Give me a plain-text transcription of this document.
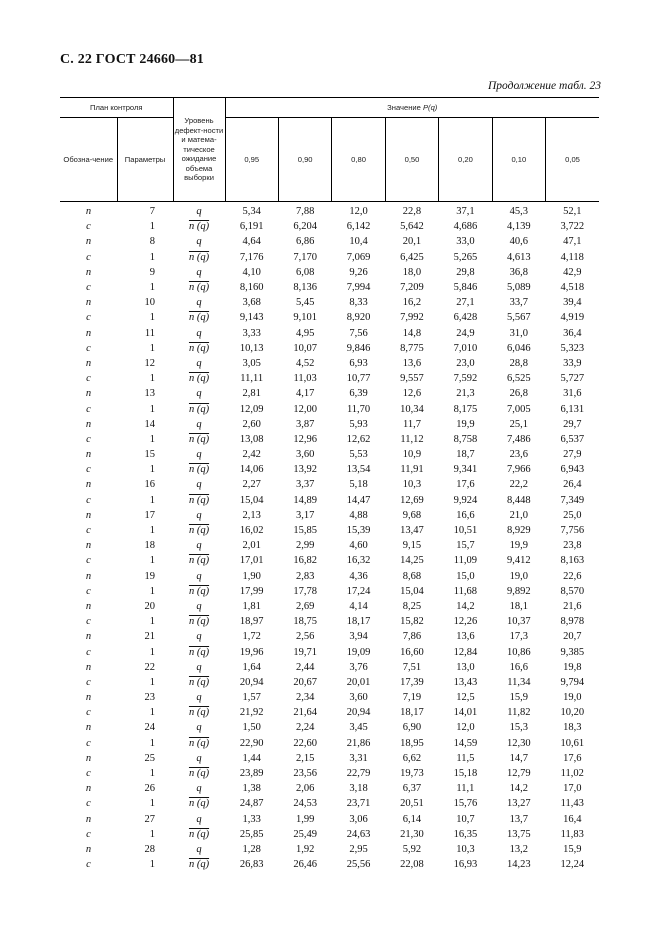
С. 22 ГОСТ 24660—81
Продолжение табл. 23
План контроля		Уровень дефект-ности и матема-тическое ожидание объема выборки	Значение P(q)						
Обозна-чение	Параметры		0,95	0,90	0,80	0,50	0,20	0,10	0,05
n	7	q	5,34	7,88	12,0	22,8	37,1	45,3	52,1
c	1	n (q)	6,191	6,204	6,142	5,642	4,686	4,139	3,722
n	8	q	4,64	6,86	10,4	20,1	33,0	40,6	47,1
c	1	n (q)	7,176	7,170	7,069	6,425	5,265	4,613	4,118
n	9	q	4,10	6,08	9,26	18,0	29,8	36,8	42,9
c	1	n (q)	8,160	8,136	7,994	7,209	5,846	5,089	4,518
n	10	q	3,68	5,45	8,33	16,2	27,1	33,7	39,4
c	1	n (q)	9,143	9,101	8,920	7,992	6,428	5,567	4,919
n	11	q	3,33	4,95	7,56	14,8	24,9	31,0	36,4
c	1	n (q)	10,13	10,07	9,846	8,775	7,010	6,046	5,323
n	12	q	3,05	4,52	6,93	13,6	23,0	28,8	33,9
c	1	n (q)	11,11	11,03	10,77	9,557	7,592	6,525	5,727
n	13	q	2,81	4,17	6,39	12,6	21,3	26,8	31,6
c	1	n (q)	12,09	12,00	11,70	10,34	8,175	7,005	6,131
n	14	q	2,60	3,87	5,93	11,7	19,9	25,1	29,7
c	1	n (q)	13,08	12,96	12,62	11,12	8,758	7,486	6,537
n	15	q	2,42	3,60	5,53	10,9	18,7	23,6	27,9
c	1	n (q)	14,06	13,92	13,54	11,91	9,341	7,966	6,943
n	16	q	2,27	3,37	5,18	10,3	17,6	22,2	26,4
c	1	n (q)	15,04	14,89	14,47	12,69	9,924	8,448	7,349
n	17	q	2,13	3,17	4,88	9,68	16,6	21,0	25,0
c	1	n (q)	16,02	15,85	15,39	13,47	10,51	8,929	7,756
n	18	q	2,01	2,99	4,60	9,15	15,7	19,9	23,8
c	1	n (q)	17,01	16,82	16,32	14,25	11,09	9,412	8,163
n	19	q	1,90	2,83	4,36	8,68	15,0	19,0	22,6
c	1	n (q)	17,99	17,78	17,24	15,04	11,68	9,892	8,570
n	20	q	1,81	2,69	4,14	8,25	14,2	18,1	21,6
c	1	n (q)	18,97	18,75	18,17	15,82	12,26	10,37	8,978
n	21	q	1,72	2,56	3,94	7,86	13,6	17,3	20,7
c	1	n (q)	19,96	19,71	19,09	16,60	12,84	10,86	9,385
n	22	q	1,64	2,44	3,76	7,51	13,0	16,6	19,8
c	1	n (q)	20,94	20,67	20,01	17,39	13,43	11,34	9,794
n	23	q	1,57	2,34	3,60	7,19	12,5	15,9	19,0
c	1	n (q)	21,92	21,64	20,94	18,17	14,01	11,82	10,20
n	24	q	1,50	2,24	3,45	6,90	12,0	15,3	18,3
c	1	n (q)	22,90	22,60	21,86	18,95	14,59	12,30	10,61
n	25	q	1,44	2,15	3,31	6,62	11,5	14,7	17,6
c	1	n (q)	23,89	23,56	22,79	19,73	15,18	12,79	11,02
n	26	q	1,38	2,06	3,18	6,37	11,1	14,2	17,0
c	1	n (q)	24,87	24,53	23,71	20,51	15,76	13,27	11,43
n	27	q	1,33	1,99	3,06	6,14	10,7	13,7	16,4
c	1	n (q)	25,85	25,49	24,63	21,30	16,35	13,75	11,83
n	28	q	1,28	1,92	2,95	5,92	10,3	13,2	15,9
c	1	n (q)	26,83	26,46	25,56	22,08	16,93	14,23	12,24
